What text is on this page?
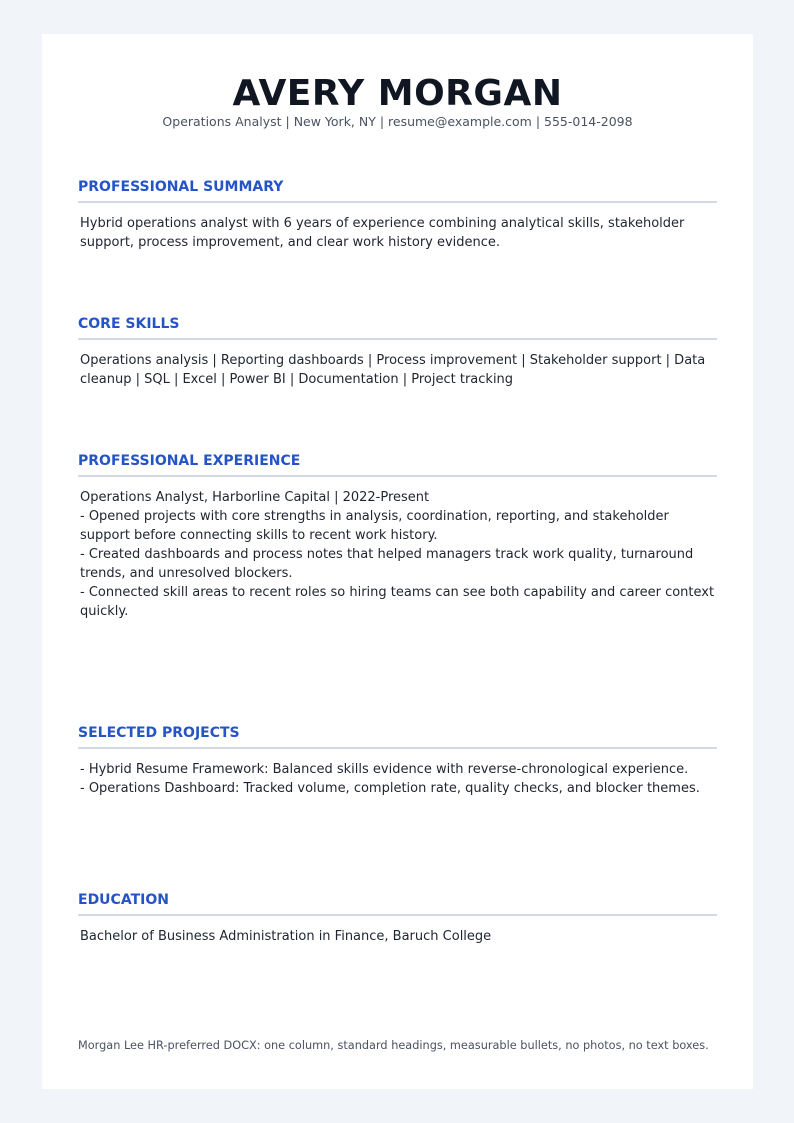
AVERY MORGAN
Operations Analyst | New York, NY | resume@example.com | 555-014-2098
PROFESSIONAL SUMMARY
Hybrid operations analyst with 6 years of experience combining analytical skills, stakeholder support, process improvement, and clear work history evidence.
CORE SKILLS
Operations analysis | Reporting dashboards | Process improvement | Stakeholder support | Data cleanup | SQL | Excel | Power BI | Documentation | Project tracking
PROFESSIONAL EXPERIENCE
Operations Analyst, Harborline Capital | 2022-Present
- Opened projects with core strengths in analysis, coordination, reporting, and stakeholder support before connecting skills to recent work history.
- Created dashboards and process notes that helped managers track work quality, turnaround trends, and unresolved blockers.
- Connected skill areas to recent roles so hiring teams can see both capability and career context quickly.
SELECTED PROJECTS
- Hybrid Resume Framework: Balanced skills evidence with reverse-chronological experience.
- Operations Dashboard: Tracked volume, completion rate, quality checks, and blocker themes.
EDUCATION
Bachelor of Business Administration in Finance, Baruch College
Morgan Lee HR-preferred DOCX: one column, standard headings, measurable bullets, no photos, no text boxes.
